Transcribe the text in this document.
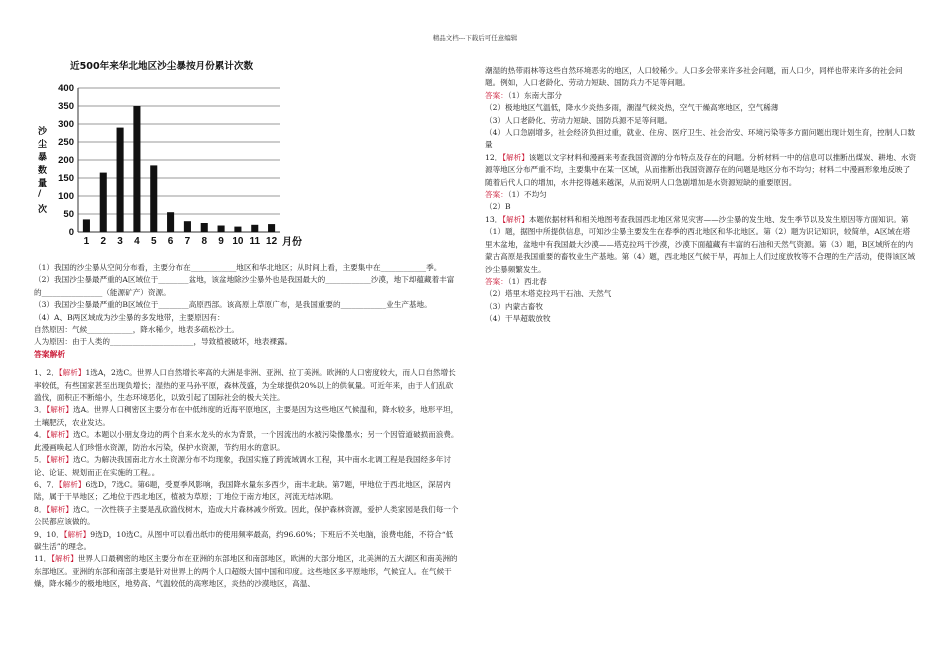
精品文档---下载后可任意编辑
近500年来华北地区沙尘暴按月份累计次数
沙
尘
暴
数
量
/
次
0
50
100
150
200
250
300
350
400
1 2 3 4 5 6 7 8 9 10 11 12 月份

（1）我国的沙尘暴从空间分布看，主要分布在____________地区和华北地区；从时间上看，主要集中在____________季。

（2）我国沙尘暴最严重的A区域位于________盆地，该盆地除沙尘暴外也是我国最大的____________沙漠，地下却蕴藏着丰富的________________（能源矿产）资源。

（3）我国沙尘暴最严重的B区域位于________高原西部。该高原上草原广布，是我国重要的____________业生产基地。

（4）A、B两区域成为沙尘暴的多发地带，主要原因有：

自然原因：气候____________，降水稀少，地表多疏松沙土。

人为原因：由于人类的______________________，导致植被破坏，地表裸露。

答案解析

1、2．【解析】1选A，2选C。世界人口自然增长率高的大洲是非洲、亚洲、拉丁美洲。欧洲的人口密度较大，而人口自然增长率较低，有些国家甚至出现负增长；湿热的亚马孙平原，森林茂盛，为全球提供20%以上的供氧量。可近年来，由于人们乱砍滥伐，面积正不断缩小，生态环境恶化，以致引起了国际社会的极大关注。

3．【解析】选A。世界人口稠密区主要分布在中低纬度的近海平原地区，主要是因为这些地区气候温和，降水较多，地形平坦，土壤肥沃，农业发达。

4．【解析】选C。本题以小朋友身边的两个自来水龙头的水为背景，一个因流出的水被污染像墨水；另一个因管道破损而浪费。此漫画唤起人们珍惜水资源，防治水污染，保护水资源，节约用水的意识。

5．【解析】选C。为解决我国南北方水土资源分布不均现象，我国实施了跨流域调水工程，其中南水北调工程是我国经多年讨论、论证、规划而正在实施的工程。。

6、7．【解析】6选D，7选C。第6题，受夏季风影响，我国降水量东多西少，南丰北缺。第7题，甲地位于西北地区，深居内陆，属于干旱地区；乙地位于西北地区，植被为草原；丁地位于南方地区，河流无结冰期。

8．【解析】选C。一次性筷子主要是乱砍滥伐树木，造成大片森林减少所致。因此，保护森林资源，爱护人类家园是我们每一个公民都应该做的。

9、10．【解析】9选D，10选C。从图中可以看出纸巾的使用频率最高，约96.60%；下班后不关电脑，浪费电能，不符合“低碳生活”的理念。

11．【解析】世界人口最稠密的地区主要分布在亚洲的东部地区和南部地区，欧洲的大部分地区，北美洲的五大湖区和南美洲的东部地区。亚洲的东部和南部主要是针对世界上的两个人口超级大国中国和印度。这些地区多平原地形，气候宜人。在气候干燥，降水稀少的极地地区，地势高、气温较低的高寒地区，炎热的沙漠地区，高温、

潮湿的热带雨林等这些自然环境恶劣的地区，人口较稀少。人口多会带来许多社会问题，而人口少，同样也带来许多的社会问题。例如，人口老龄化、劳动力短缺、国防兵力不足等问题。

答案：（1）东南大部分

（2）极地地区气温低，降水少炎热多雨，潮湿气候炎热，空气干燥高寒地区，空气稀薄

（3）人口老龄化、劳动力短缺、国防兵源不足等问题。

（4）人口急剧增多，社会经济负担过重，就业、住房、医疗卫生、社会治安、环境污染等多方面问题出现计划生育，控制人口数量

12．【解析】该题以文字材料和漫画来考查我国资源的分布特点及存在的问题。分析材料一中的信息可以推断出煤炭、耕地、水资源等地区分布严重不均，主要集中在某一区域，从而推断出我国资源存在的问题是地区分布不均匀；材料二中漫画形象地反映了随着后代人口的增加，水井挖得越来越深，从而说明人口急剧增加是水资源短缺的重要原因。

答案：（1）不均匀

（2）B

13．【解析】本题依据材料和相关地图考查我国西北地区常见灾害——沙尘暴的发生地、发生季节以及发生原因等方面知识。第（1）题，据图中所提供信息，可知沙尘暴主要发生在春季的西北地区和华北地区。第（2）题为识记知识，较简单，A区域在塔里木盆地，盆地中有我国最大沙漠——塔克拉玛干沙漠，沙漠下面蕴藏有丰富的石油和天然气资源。第（3）题，B区域所在的内蒙古高原是我国重要的畜牧业生产基地。第（4）题，西北地区气候干旱，再加上人们过度放牧等不合理的生产活动，使得该区域沙尘暴频繁发生。

答案：（1）西北春

（2）塔里木塔克拉玛干石油、天然气

（3）内蒙古畜牧

（4）干旱超载放牧
